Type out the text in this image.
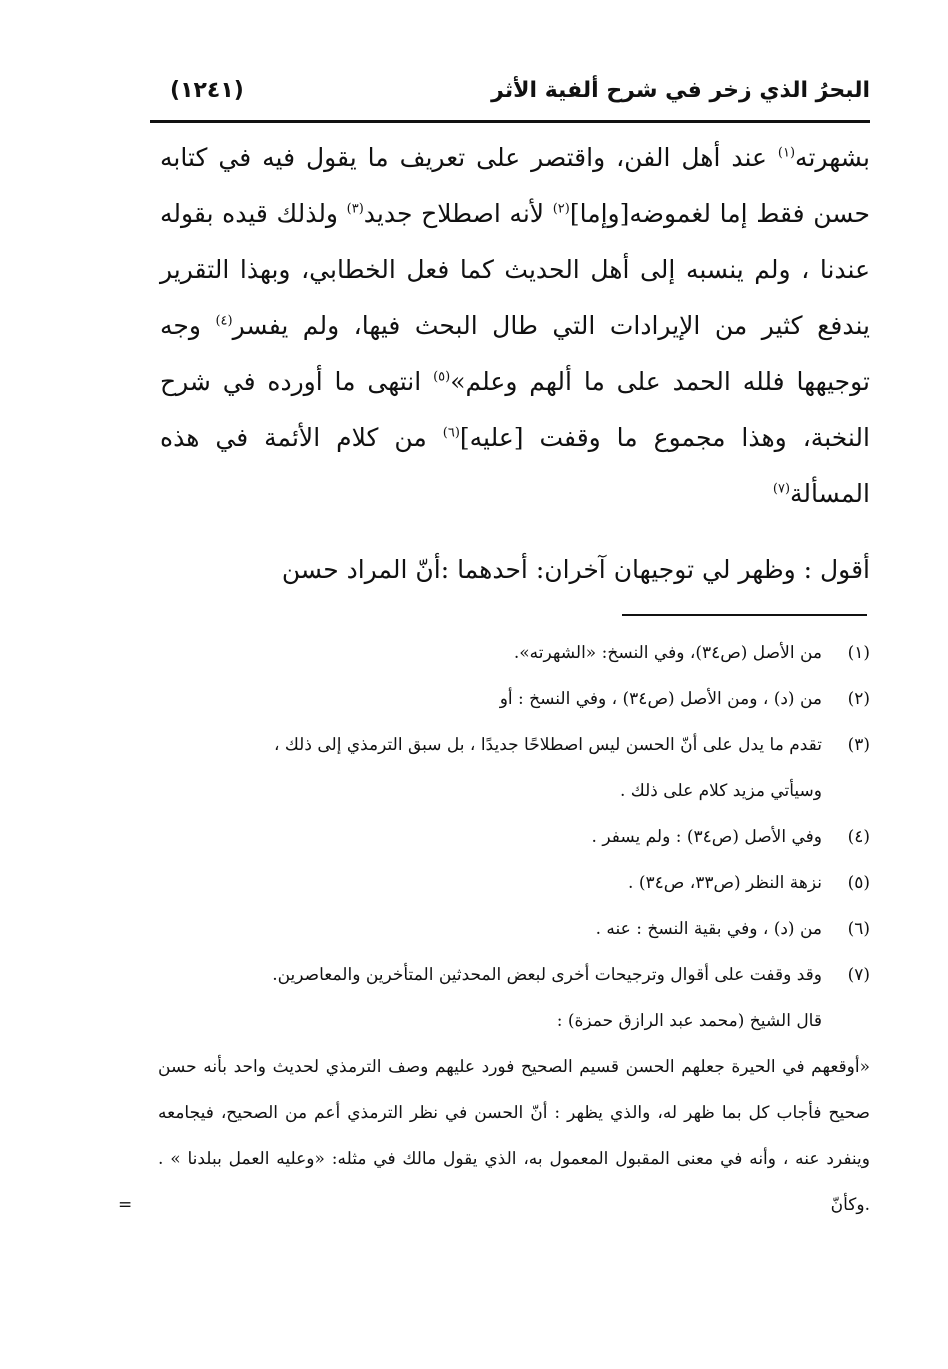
(١٢٤١)	البحرُ الذي زخر في شرح ألفية الأثر

بشهرته$^{(١)}$ عند أهل الفن، واقتصر على تعريف ما يقول فيه في كتابه حسن فقط إما لغموضه[وإما]$^{(٢)}$ لأنه اصطلاح جديد$^{(٣)}$ ولذلك قيده بقوله عندنا ، ولم ينسبه إلى أهل الحديث كما فعل الخطابي، وبهذا التقرير يندفع كثير من الإيرادات التي طال البحث فيها، ولم يفسر$^{(٤)}$ وجه توجيهها فلله الحمد على ما ألهم وعلم»$^{(٥)}$ انتهى ما أورده في شرح النخبة، وهذا مجموع ما وقفت [عليه]$^{(٦)}$ من كلام الأئمة في هذه المسألة$^{(٧)}$

أقول : وظهر لي توجيهان آخران: أحدهما :أنّ المراد حسن

(١)
من الأصل (ص٣٤)، وفي النسخ: «الشهرته».
(٢)
من (د) ، ومن الأصل (ص٣٤) ، وفي النسخ : أو
(٣)
تقدم ما يدل على أنّ الحسن ليس اصطلاحًا جديدًا ، بل سبق الترمذي إلى ذلك ،
وسيأتي مزيد كلام على ذلك .
(٤)
وفي الأصل (ص٣٤) : ولم يسفر .
(٥)
نزهة النظر (ص٣٣، ص٣٤) .
(٦)
من (د) ، وفي بقية النسخ : عنه .
(٧)
وقد وقفت على أقوال وترجيحات أخرى لبعض المحدثين المتأخرين والمعاصرين.
قال الشيخ (محمد عبد الرازق حمزة) :
«أوقعهم في الحيرة جعلهم الحسن قسيم الصحيح فورد عليهم وصف الترمذي لحديث واحد بأنه حسن صحيح فأجاب كل بما ظهر له، والذي يظهر : أنّ الحسن في نظر الترمذي أعم من الصحيح، فيجامعه وينفرد عنه ، وأنه في معنى المقبول المعمول به، الذي يقول مالك في مثله: «وعليه العمل ببلدنا » . .وكأنّ
=
